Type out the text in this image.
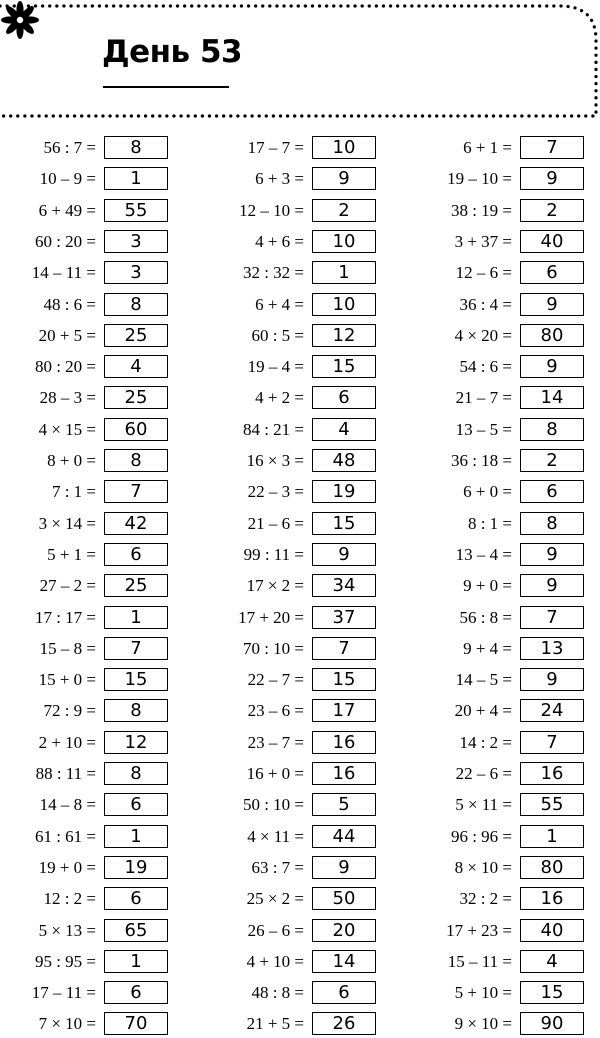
День 53
56 : 7 =	8
10 – 9 =	1
6 + 49 =	55
60 : 20 =	3
14 – 11 =	3
48 : 6 =	8
20 + 5 =	25
80 : 20 =	4
28 – 3 =	25
4 × 15 =	60
8 + 0 =	8
7 : 1 =	7
3 × 14 =	42
5 + 1 =	6
27 – 2 =	25
17 : 17 =	1
15 – 8 =	7
15 + 0 =	15
72 : 9 =	8
2 + 10 =	12
88 : 11 =	8
14 – 8 =	6
61 : 61 =	1
19 + 0 =	19
12 : 2 =	6
5 × 13 =	65
95 : 95 =	1
17 – 11 =	6
7 × 10 =	70
17 – 7 =	10
6 + 3 =	9
12 – 10 =	2
4 + 6 =	10
32 : 32 =	1
6 + 4 =	10
60 : 5 =	12
19 – 4 =	15
4 + 2 =	6
84 : 21 =	4
16 × 3 =	48
22 – 3 =	19
21 – 6 =	15
99 : 11 =	9
17 × 2 =	34
17 + 20 =	37
70 : 10 =	7
22 – 7 =	15
23 – 6 =	17
23 – 7 =	16
16 + 0 =	16
50 : 10 =	5
4 × 11 =	44
63 : 7 =	9
25 × 2 =	50
26 – 6 =	20
4 + 10 =	14
48 : 8 =	6
21 + 5 =	26
6 + 1 =	7
19 – 10 =	9
38 : 19 =	2
3 + 37 =	40
12 – 6 =	6
36 : 4 =	9
4 × 20 =	80
54 : 6 =	9
21 – 7 =	14
13 – 5 =	8
36 : 18 =	2
6 + 0 =	6
8 : 1 =	8
13 – 4 =	9
9 + 0 =	9
56 : 8 =	7
9 + 4 =	13
14 – 5 =	9
20 + 4 =	24
14 : 2 =	7
22 – 6 =	16
5 × 11 =	55
96 : 96 =	1
8 × 10 =	80
32 : 2 =	16
17 + 23 =	40
15 – 11 =	4
5 + 10 =	15
9 × 10 =	90
